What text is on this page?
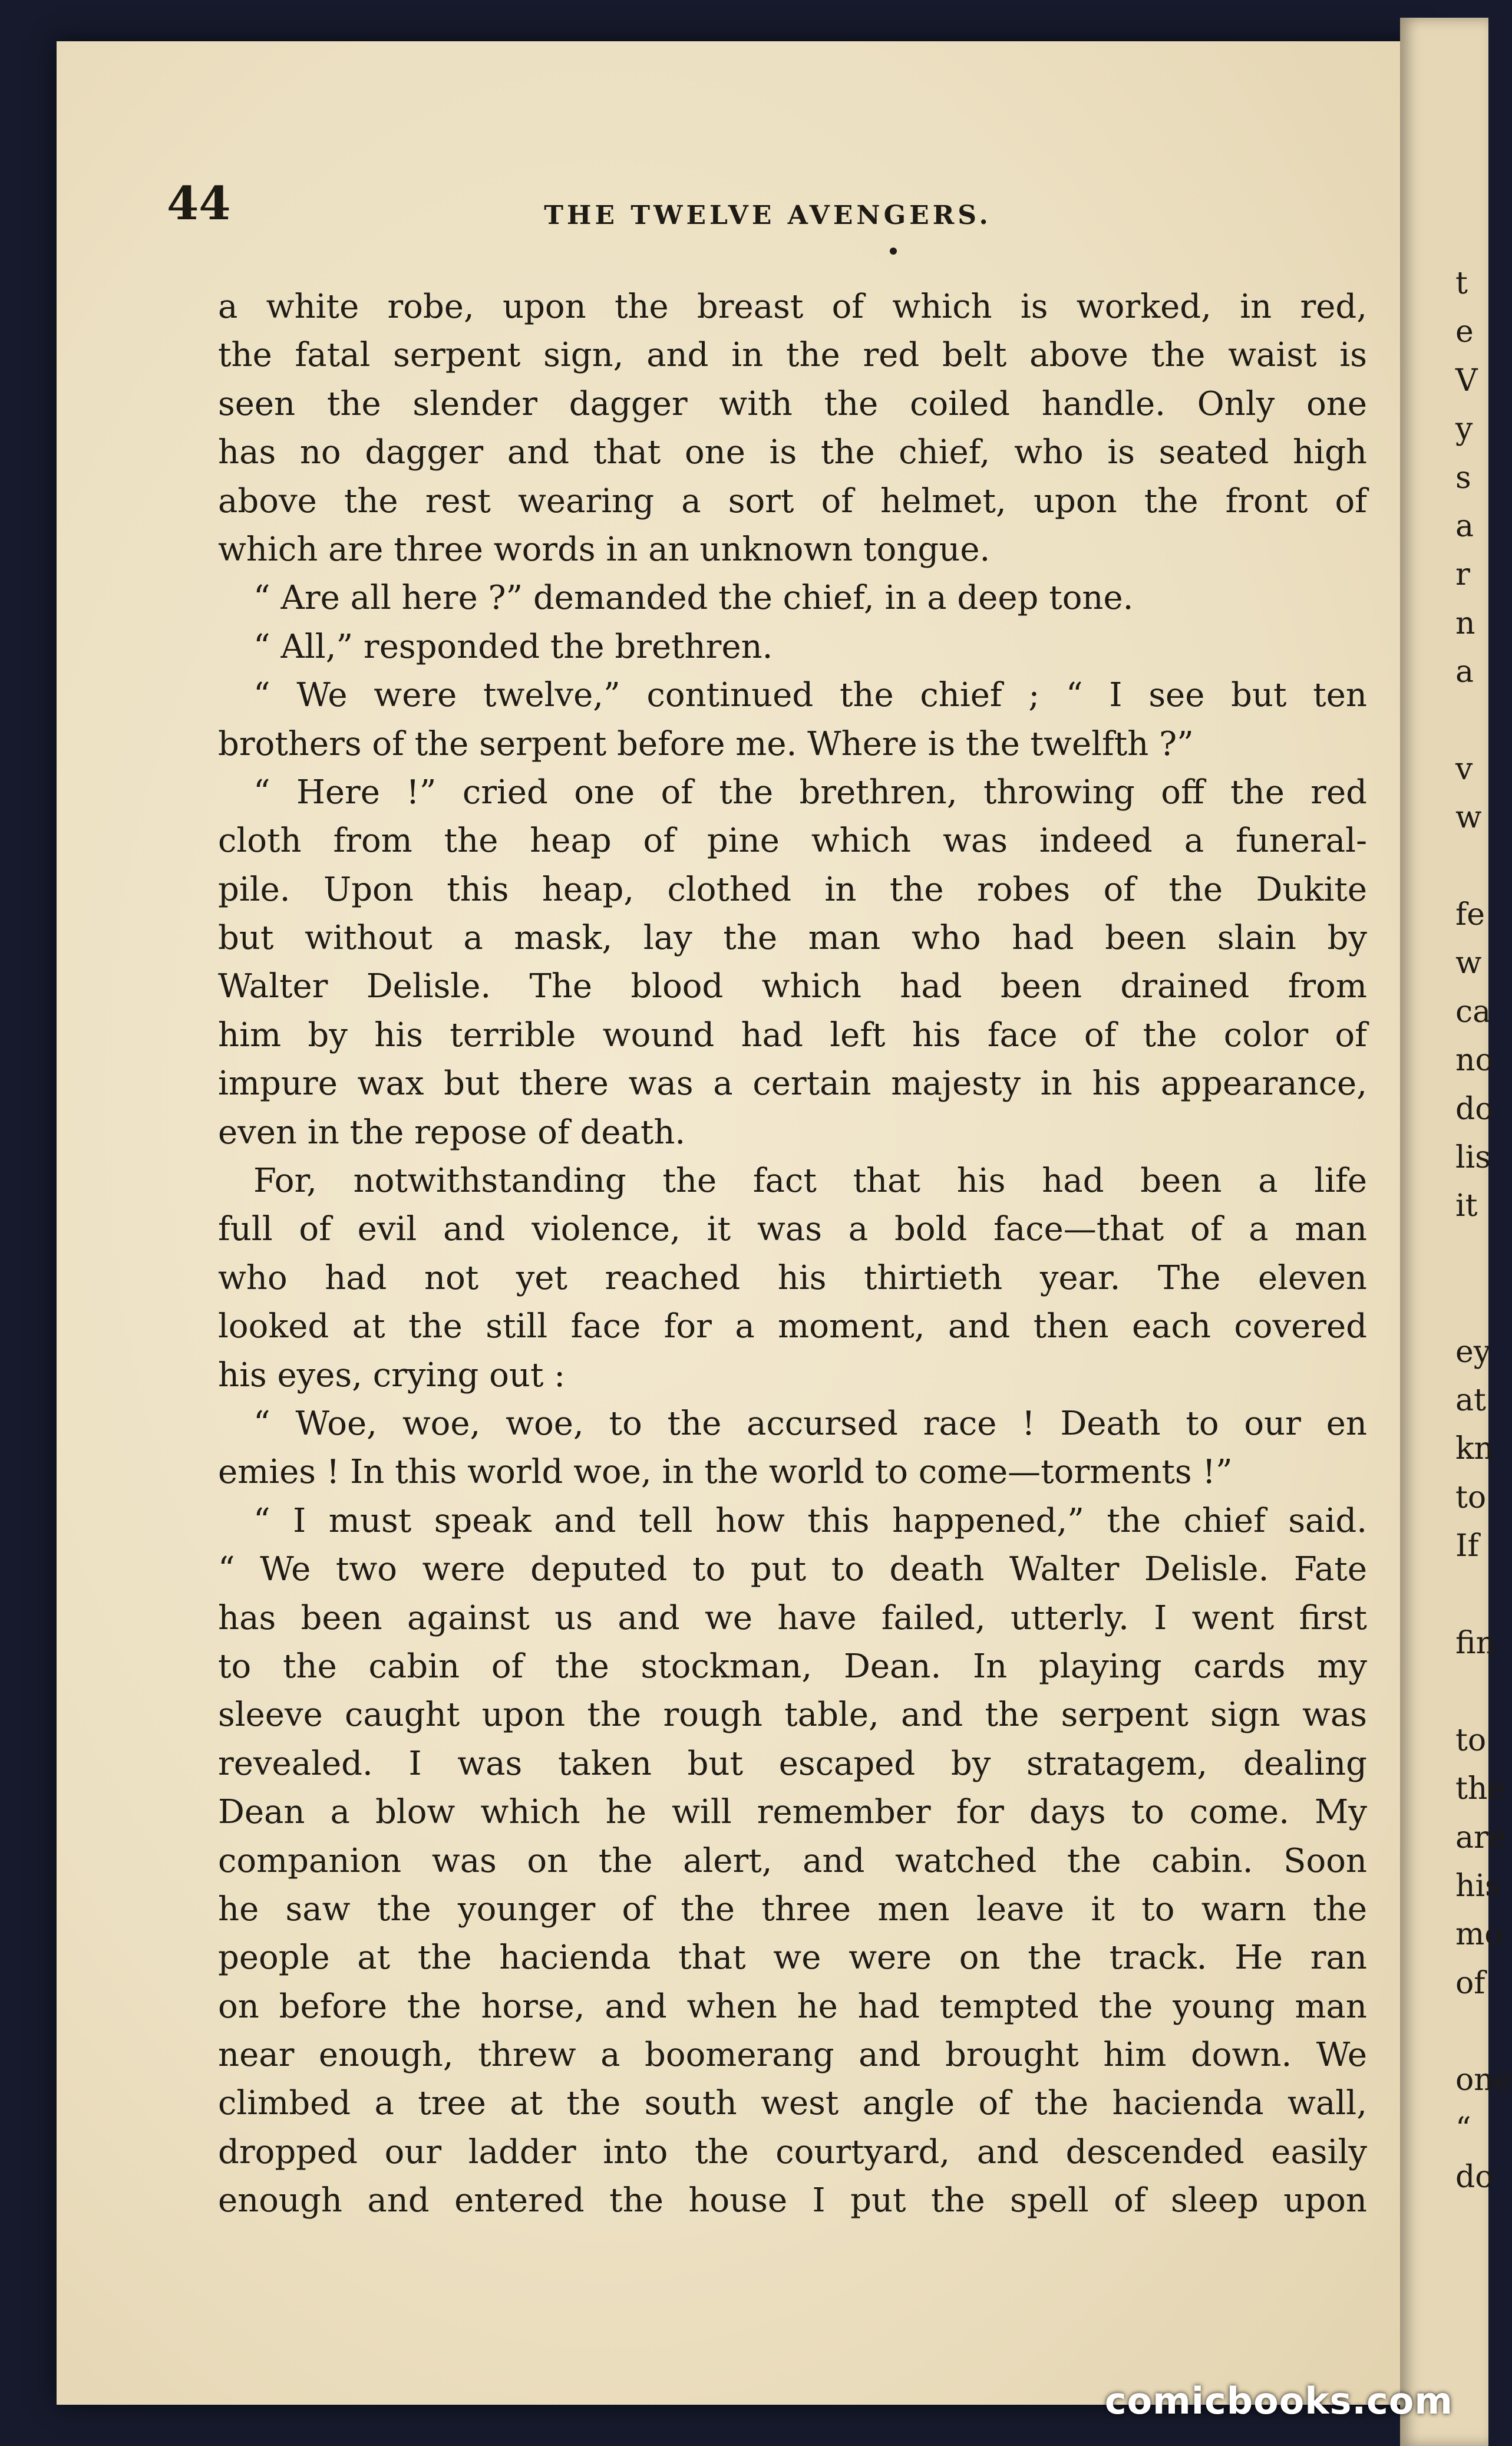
44	THE TWELVE AVENGERS.
a white robe, upon the breast of which is worked, in red,
the fatal serpent sign, and in the red belt above the waist is
seen the slender dagger with the coiled handle. Only one
has no dagger and that one is the chief, who is seated high
above the rest wearing a sort of helmet, upon the front of
which are three words in an unknown tongue.
“ Are all here ?” demanded the chief, in a deep tone.
“ All,” responded the brethren.
“ We were twelve,” continued the chief ; “ I see but ten
brothers of the serpent before me. Where is the twelfth ?”
“ Here !” cried one of the brethren, throwing off the red
cloth from the heap of pine which was indeed a funeral-
pile. Upon this heap, clothed in the robes of the Dukite
but without a mask, lay the man who had been slain by
Walter Delisle. The blood which had been drained from
him by his terrible wound had left his face of the color of
impure wax but there was a certain majesty in his appearance,
even in the repose of death.
For, notwithstanding the fact that his had been a life
full of evil and violence, it was a bold face—that of a man
who had not yet reached his thirtieth year. The eleven
looked at the still face for a moment, and then each covered
his eyes, crying out :
“ Woe, woe, woe, to the accursed race ! Death to our en
emies ! In this world woe, in the world to come—torments !”
“ I must speak and tell how this happened,” the chief said.
“ We two were deputed to put to death Walter Delisle. Fate
has been against us and we have failed, utterly. I went first
to the cabin of the stockman, Dean. In playing cards my
sleeve caught upon the rough table, and the serpent sign was
revealed. I was taken but escaped by stratagem, dealing
Dean a blow which he will remember for days to come. My
companion was on the alert, and watched the cabin. Soon
he saw the younger of the three men leave it to warn the
people at the hacienda that we were on the track. He ran
on before the horse, and when he had tempted the young man
near enough, threw a boomerang and brought him down. We
climbed a tree at the south west angle of the hacienda wall,
dropped our ladder into the courtyard, and descended easily
enough and entered the house I put the spell of sleep upon
t
e
V
y
s
a
r
n
a
v
w
fe
w
ca
no
do
lis
it
ey
at
kn
to
If
fin
to
the
are
his
mo
of
one
“
do
comicbooks.com
